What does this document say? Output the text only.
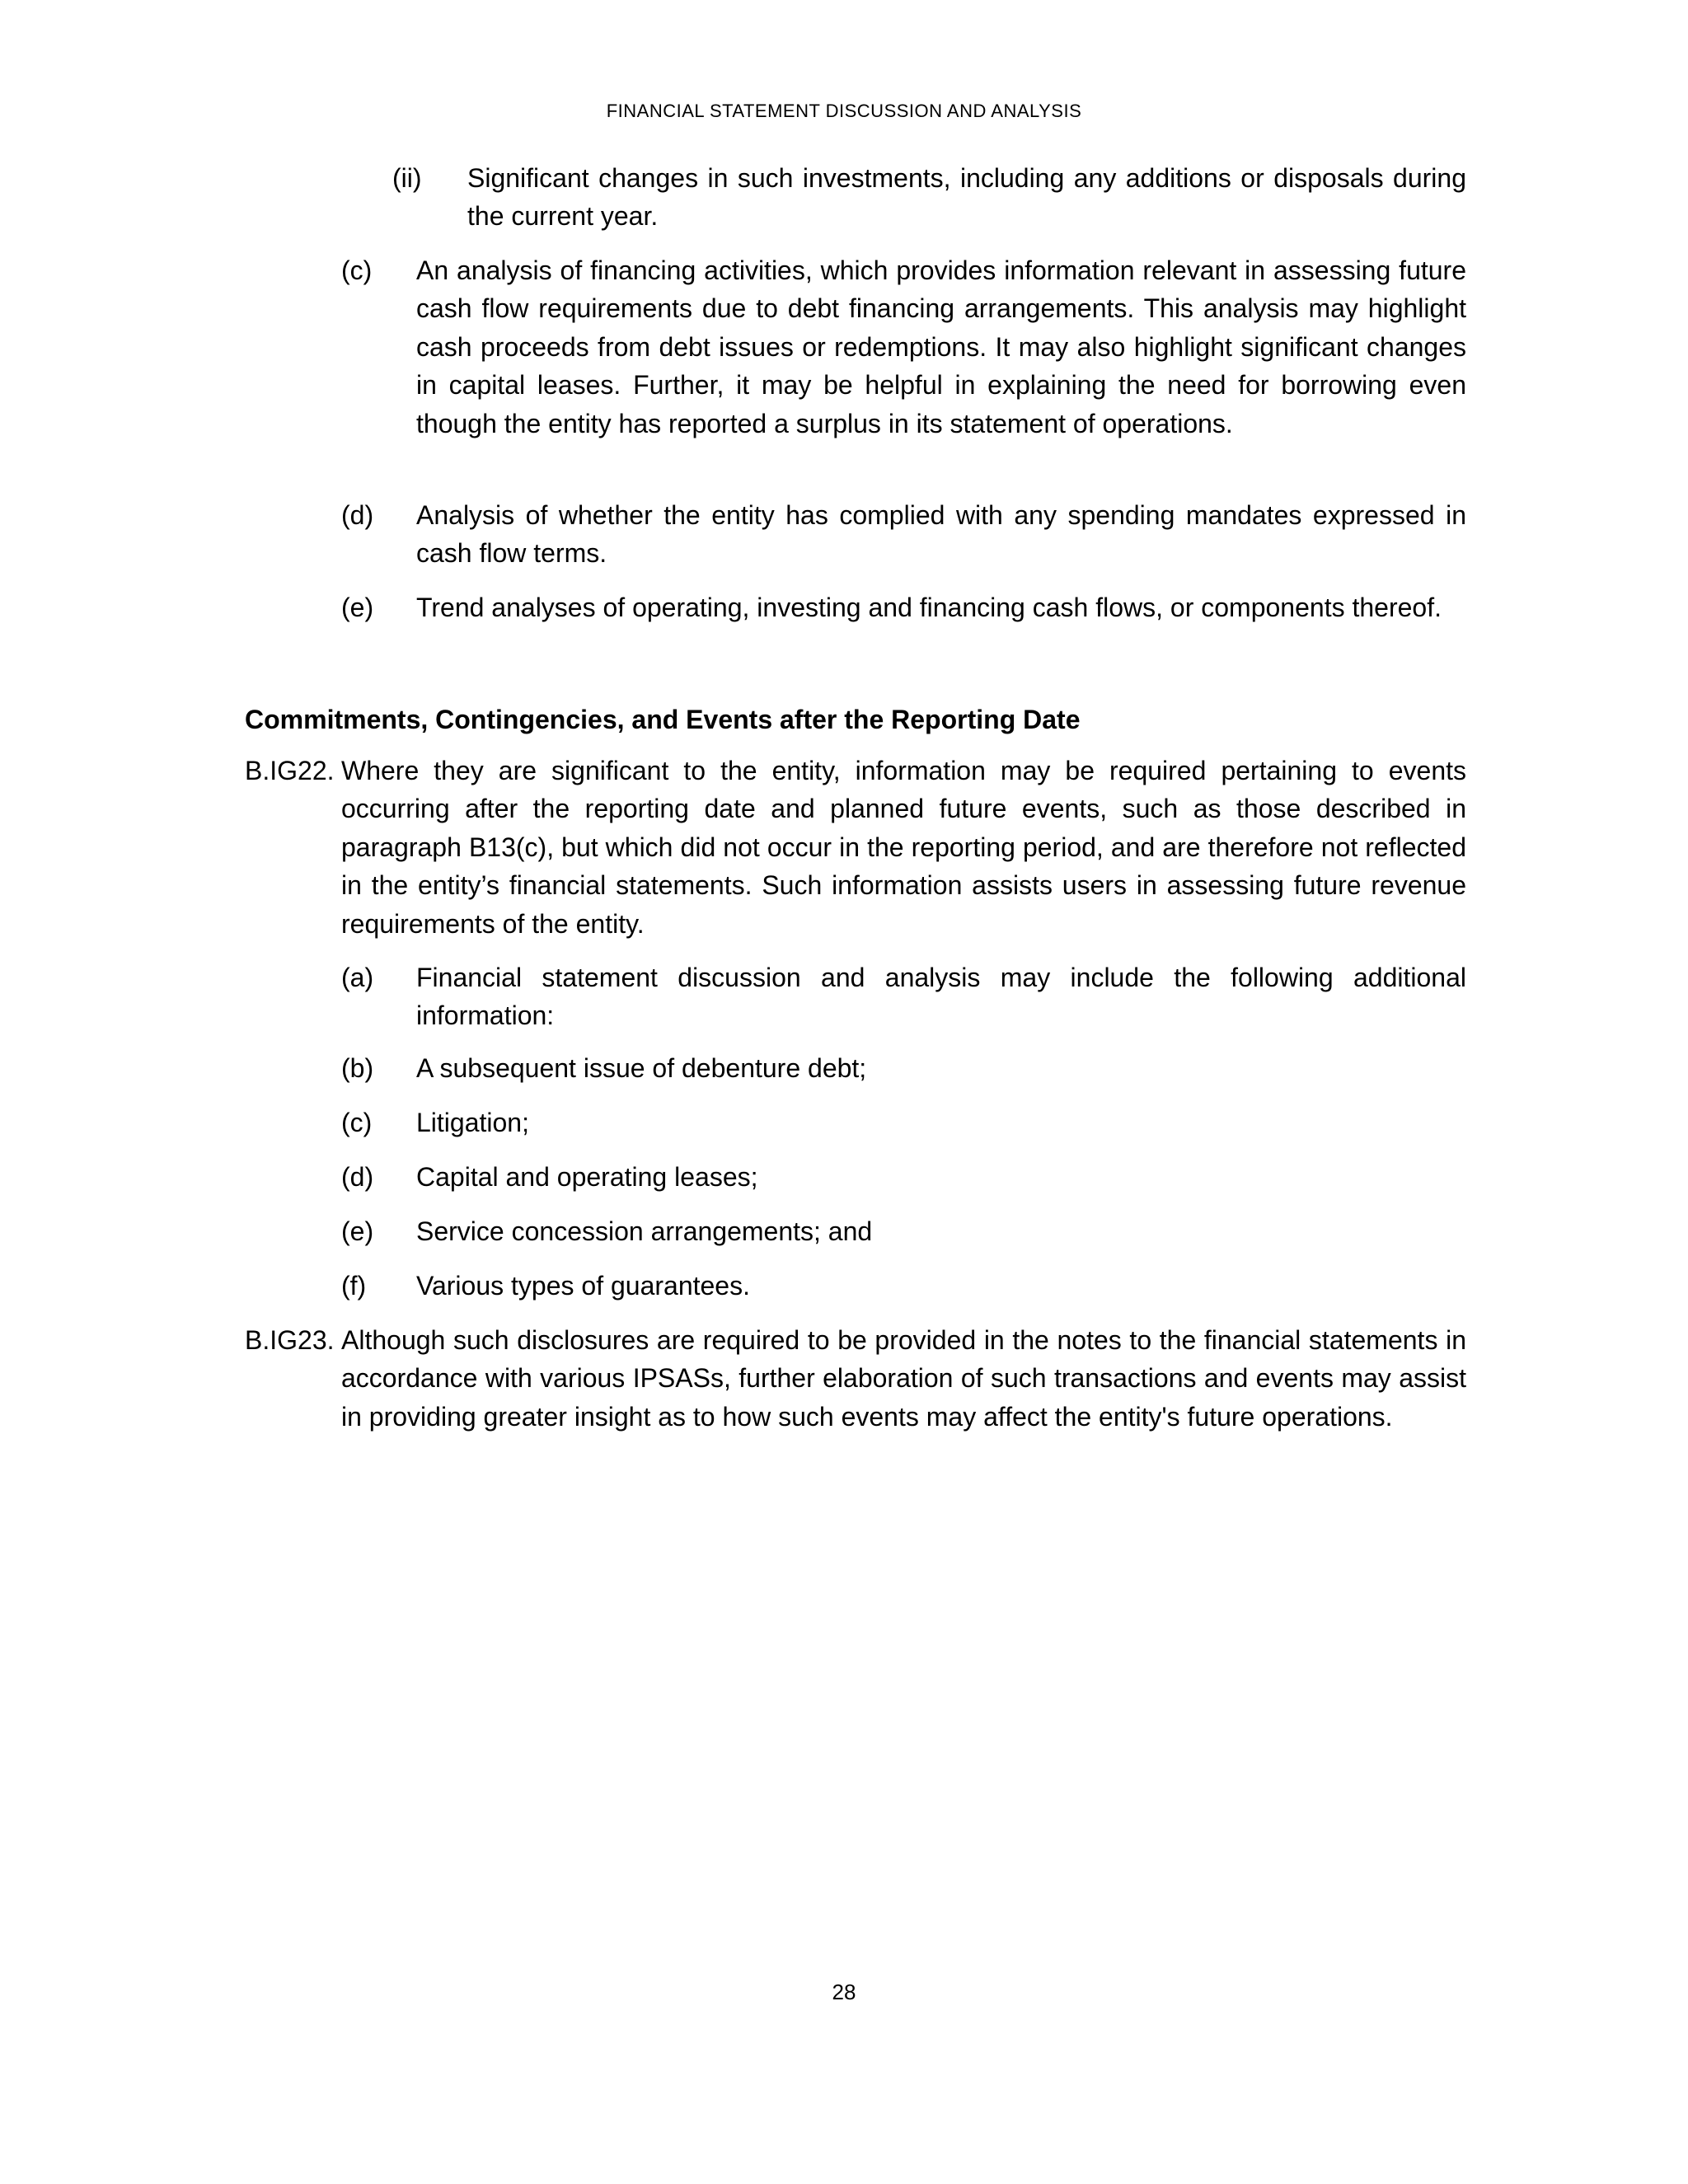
FINANCIAL STATEMENT DISCUSSION AND ANALYSIS
(ii) Significant changes in such investments, including any additions or disposals during the current year.
(c) An analysis of financing activities, which provides information relevant in assessing future cash flow requirements due to debt financing arrangements. This analysis may highlight cash proceeds from debt issues or redemptions. It may also highlight significant changes in capital leases. Further, it may be helpful in explaining the need for borrowing even though the entity has reported a surplus in its statement of operations.
(d) Analysis of whether the entity has complied with any spending mandates expressed in cash flow terms.
(e) Trend analyses of operating, investing and financing cash flows, or components thereof.
Commitments, Contingencies, and Events after the Reporting Date
B.IG22. Where they are significant to the entity, information may be required pertaining to events occurring after the reporting date and planned future events, such as those described in paragraph B13(c), but which did not occur in the reporting period, and are therefore not reflected in the entity’s financial statements. Such information assists users in assessing future revenue requirements of the entity.
(a) Financial statement discussion and analysis may include the following additional information:
(b) A subsequent issue of debenture debt;
(c) Litigation;
(d) Capital and operating leases;
(e) Service concession arrangements; and
(f) Various types of guarantees.
B.IG23. Although such disclosures are required to be provided in the notes to the financial statements in accordance with various IPSASs, further elaboration of such transactions and events may assist in providing greater insight as to how such events may affect the entity's future operations.
28
